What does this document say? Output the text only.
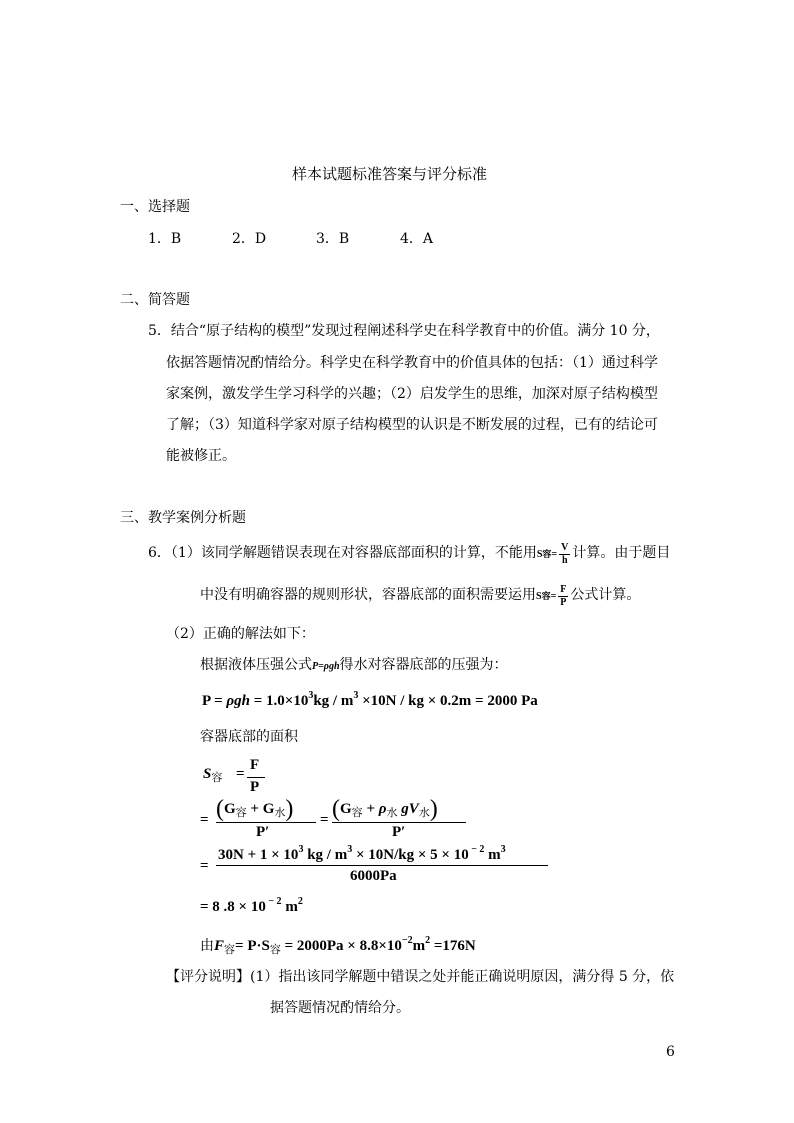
样本试题标准答案与评分标准
一、选择题
1．B	2．D	3．B	4．A
二、简答题
5．结合“原子结构的模型”发现过程阐述科学史在科学教育中的价值。满分 10 分，
依据答题情况酌情给分。科学史在科学教育中的价值具体的包括：（1）通过科学
家案例，激发学生学习科学的兴趣；（2）启发学生的思维，加深对原子结构模型
了解；（3）知道科学家对原子结构模型的认识是不断发展的过程，已有的结论可
能被修正。
三、教学案例分析题
6．（1）该同学解题错误表现在对容器底部面积的计算，不能用S容= $\frac{V}{h}$ 计算。由于题目
中没有明确容器的规则形状，容器底部的面积需要运用S容= $\frac{F}{P}$ 公式计算。
（2）正确的解法如下：
根据液体压强公式P=ρgh得水对容器底部的压强为：
$P = \rho gh = 1.0\times 10^3kg / m^3 \times 10N$ / kg × 0.2m = 2000 Pa
容器底部的面积
$S_容$ =
F
P
= $(G_容 + G_水)$
P′
= ($G_容 + \rho_水$ $gV_水$)
P′
=
$30N + 1 \times 10^3$ kg / $m^3 \times 10N/kg \times 5 \times 10$ $^{- 2}$ $m^3$
6000Pa
= 8 .8 × 10 $^{- 2}$ $m^2$
由$F_容= P\cdot S_容 = 2000Pa \times 8.8\times 10^{-2}m^2 =176N$
【评分说明】(1）指出该同学解题中错误之处并能正确说明原因，满分得 5 分，依
据答题情况酌情给分。
6
